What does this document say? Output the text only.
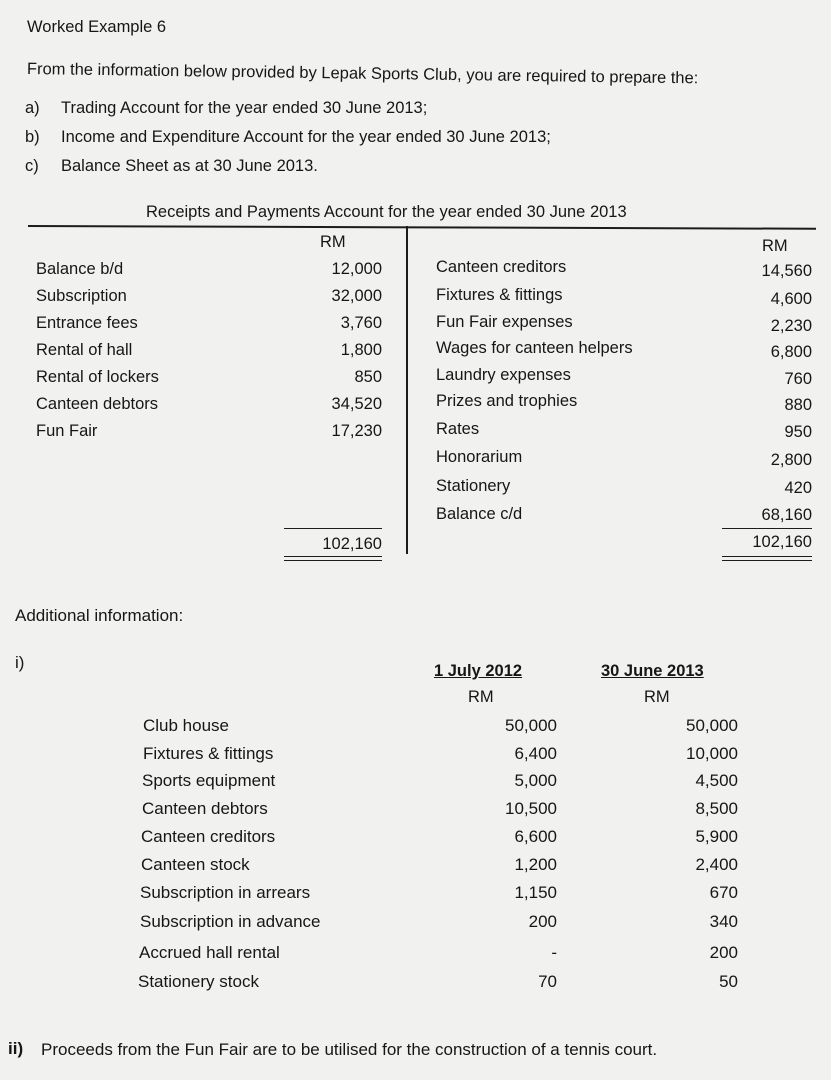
Worked Example 6
From the information below provided by Lepak Sports Club, you are required to prepare the:
a) Trading Account for the year ended 30 June 2013;
b) Income and Expenditure Account for the year ended 30 June 2013;
c) Balance Sheet as at 30 June 2013.
Receipts and Payments Account for the year ended 30 June 2013
RM	RM
Balance b/d	12,000
Subscription	32,000
Entrance fees	3,760
Rental of hall	1,800
Rental of lockers	850
Canteen debtors	34,520
Fun Fair	17,230
Canteen creditors	14,560
Fixtures & fittings	4,600
Fun Fair expenses	2,230
Wages for canteen helpers	6,800
Laundry expenses	760
Prizes and trophies	880
Rates	950
Honorarium	2,800
Stationery	420
Balance c/d	68,160
102,160	102,160
Additional information:
i)	1 July 2012	30 June 2013
RM	RM
Club house	50,000	50,000
Fixtures & fittings	6,400	10,000
Sports equipment	5,000	4,500
Canteen debtors	10,500	8,500
Canteen creditors	6,600	5,900
Canteen stock	1,200	2,400
Subscription in arrears	1,150	670
Subscription in advance	200	340
Accrued hall rental	-	200
Stationery stock	70	50
ii) Proceeds from the Fun Fair are to be utilised for the construction of a tennis court.
